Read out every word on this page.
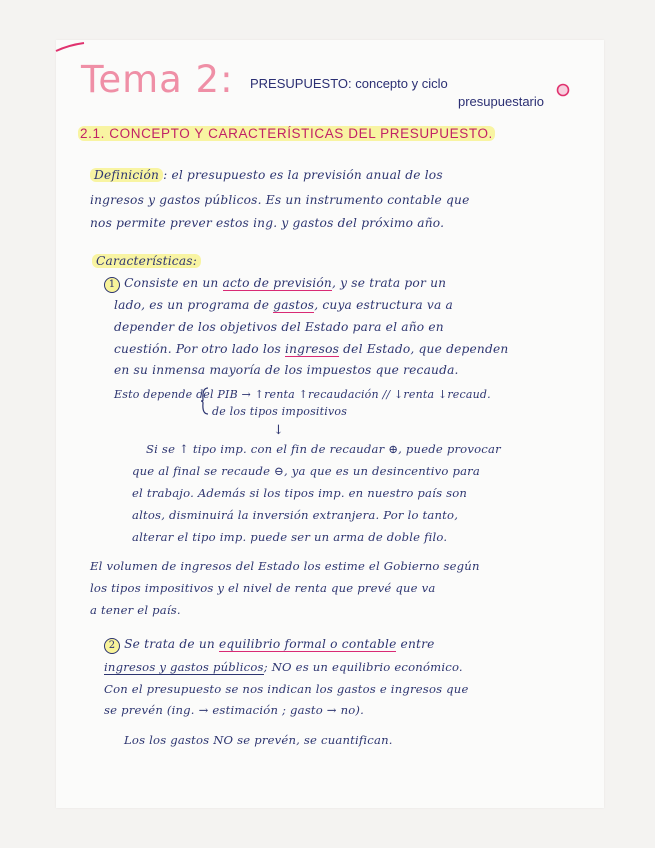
Tema 2: PRESUPUESTO: concepto y ciclo
presupuestario
2.1. CONCEPTO Y CARACTERÍSTICAS DEL PRESUPUESTO.
Definición : el presupuesto es la previsión anual de los
ingresos y gastos públicos. Es un instrumento contable que
nos permite prever estos ing. y gastos del próximo año.
Características:
1 Consiste en un acto de previsión, y se trata por un
lado, es un programa de gastos, cuya estructura va a
depender de los objetivos del Estado para el año en
cuestión. Por otro lado los ingresos del Estado, que dependen
en su inmensa mayoría de los impuestos que recauda.
Esto depende del PIB → ↑renta ↑recaudación // ↓renta ↓recaud.
de los tipos impositivos
↓
Si se ↑ tipo imp. con el fin de recaudar ⊕, puede provocar
que al final se recaude ⊖, ya que es un desincentivo para
el trabajo. Además si los tipos imp. en nuestro país son
altos, disminuirá la inversión extranjera. Por lo tanto,
alterar el tipo imp. puede ser un arma de doble filo.
El volumen de ingresos del Estado los estime el Gobierno según
los tipos impositivos y el nivel de renta que prevé que va
a tener el país.
2 Se trata de un equilibrio formal o contable entre
ingresos y gastos públicos; NO es un equilibrio económico.
Con el presupuesto se nos indican los gastos e ingresos que
se prevén (ing. → estimación ; gasto → no).
Los los gastos NO se prevén, se cuantifican.
